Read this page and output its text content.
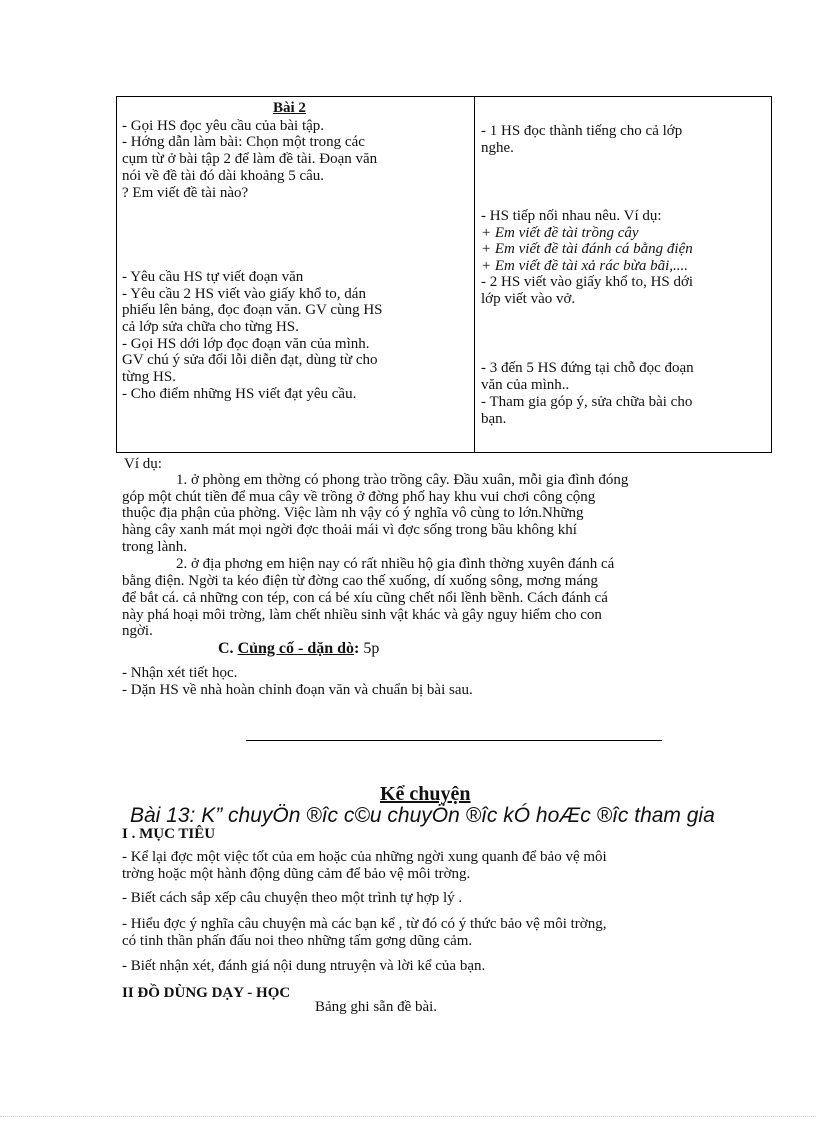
Bài 2
- Gọi HS đọc yêu cầu của bài tập.
- Hớng dẫn làm bài: Chọn một trong các
cụm từ ở bài tập 2 để làm đề tài. Đoạn văn
nói về đề tài đó dài khoảng 5 câu.
? Em viết đề tài nào?
- Yêu cầu HS tự viết đoạn văn
- Yêu cầu 2 HS viết vào giấy khổ to, dán
phiếu lên bảng, đọc đoạn văn. GV cùng HS
cả lớp sửa chữa cho từng HS.
- Gọi HS dới lớp đọc đoạn văn của mình.
GV chú ý sửa đổi lỗi diễn đạt, dùng từ cho
từng HS.
- Cho điểm những HS viết đạt yêu cầu.
- 1 HS đọc thành tiếng cho cả lớp
nghe.
- HS tiếp nối nhau nêu. Ví dụ:
+ Em viết đề tài trồng cây
+ Em viết đề tài đánh cá bằng điện
+ Em viết đề tài xả rác bừa bãi,....
- 2 HS viết vào giấy khổ to, HS dới
lớp viết vào vở.
- 3 đến 5 HS đứng tại chỗ đọc đoạn
văn của mình..
- Tham gia góp ý, sửa chữa bài cho
bạn.
Ví dụ:
1. ở phòng em thờng có phong trào trồng cây. Đầu xuân, mỗi gia đình đóng
góp một chút tiền để mua cây về trồng ở đờng phố hay khu vui chơi công cộng
thuộc địa phận của phờng. Việc làm nh vậy có ý nghĩa vô cùng to lớn.Những
hàng cây xanh mát mọi ngời đợc thoải mái vì đợc sống trong bầu không khí
trong lành.
2. ở địa phơng em hiện nay có rất nhiều hộ gia đình thờng xuyên đánh cá
bằng điện. Ngời ta kéo điện từ đờng cao thế xuống, dí xuống sông, mơng máng
để bắt cá. cả những con tép, con cá bé xíu cũng chết nổi lềnh bềnh. Cách đánh cá
này phá hoại môi trờng, làm chết nhiều sinh vật khác và gây nguy hiểm cho con
ngời.
C. Củng cố - dặn dò: 5p
- Nhận xét tiết học.
- Dặn HS về nhà hoàn chỉnh đoạn văn và chuẩn bị bài sau.
Kể chuyện
Bài 13: K” chuyÖn ®îc c©u chuyÖn ®îc kÓ hoÆc ®îc tham gia
I . MỤC TIÊU
- Kể lại đợc một việc tốt của em hoặc của những ngời xung quanh để bảo vệ môi
trờng hoặc một hành động dũng cảm để bảo vệ môi trờng.
- Biết cách sắp xếp câu chuyện theo một trình tự hợp lý .
- Hiểu đợc ý nghĩa câu chuyện mà các bạn kể , từ đó có ý thức bảo vệ môi trờng,
có tinh thần phấn đấu noi theo những tấm gơng dũng cảm.
- Biết nhận xét, đánh giá nội dung ntruyện và lời kể của bạn.
II ĐỒ DÙNG DẠY - HỌC
Bảng ghi sẵn đề bài.
